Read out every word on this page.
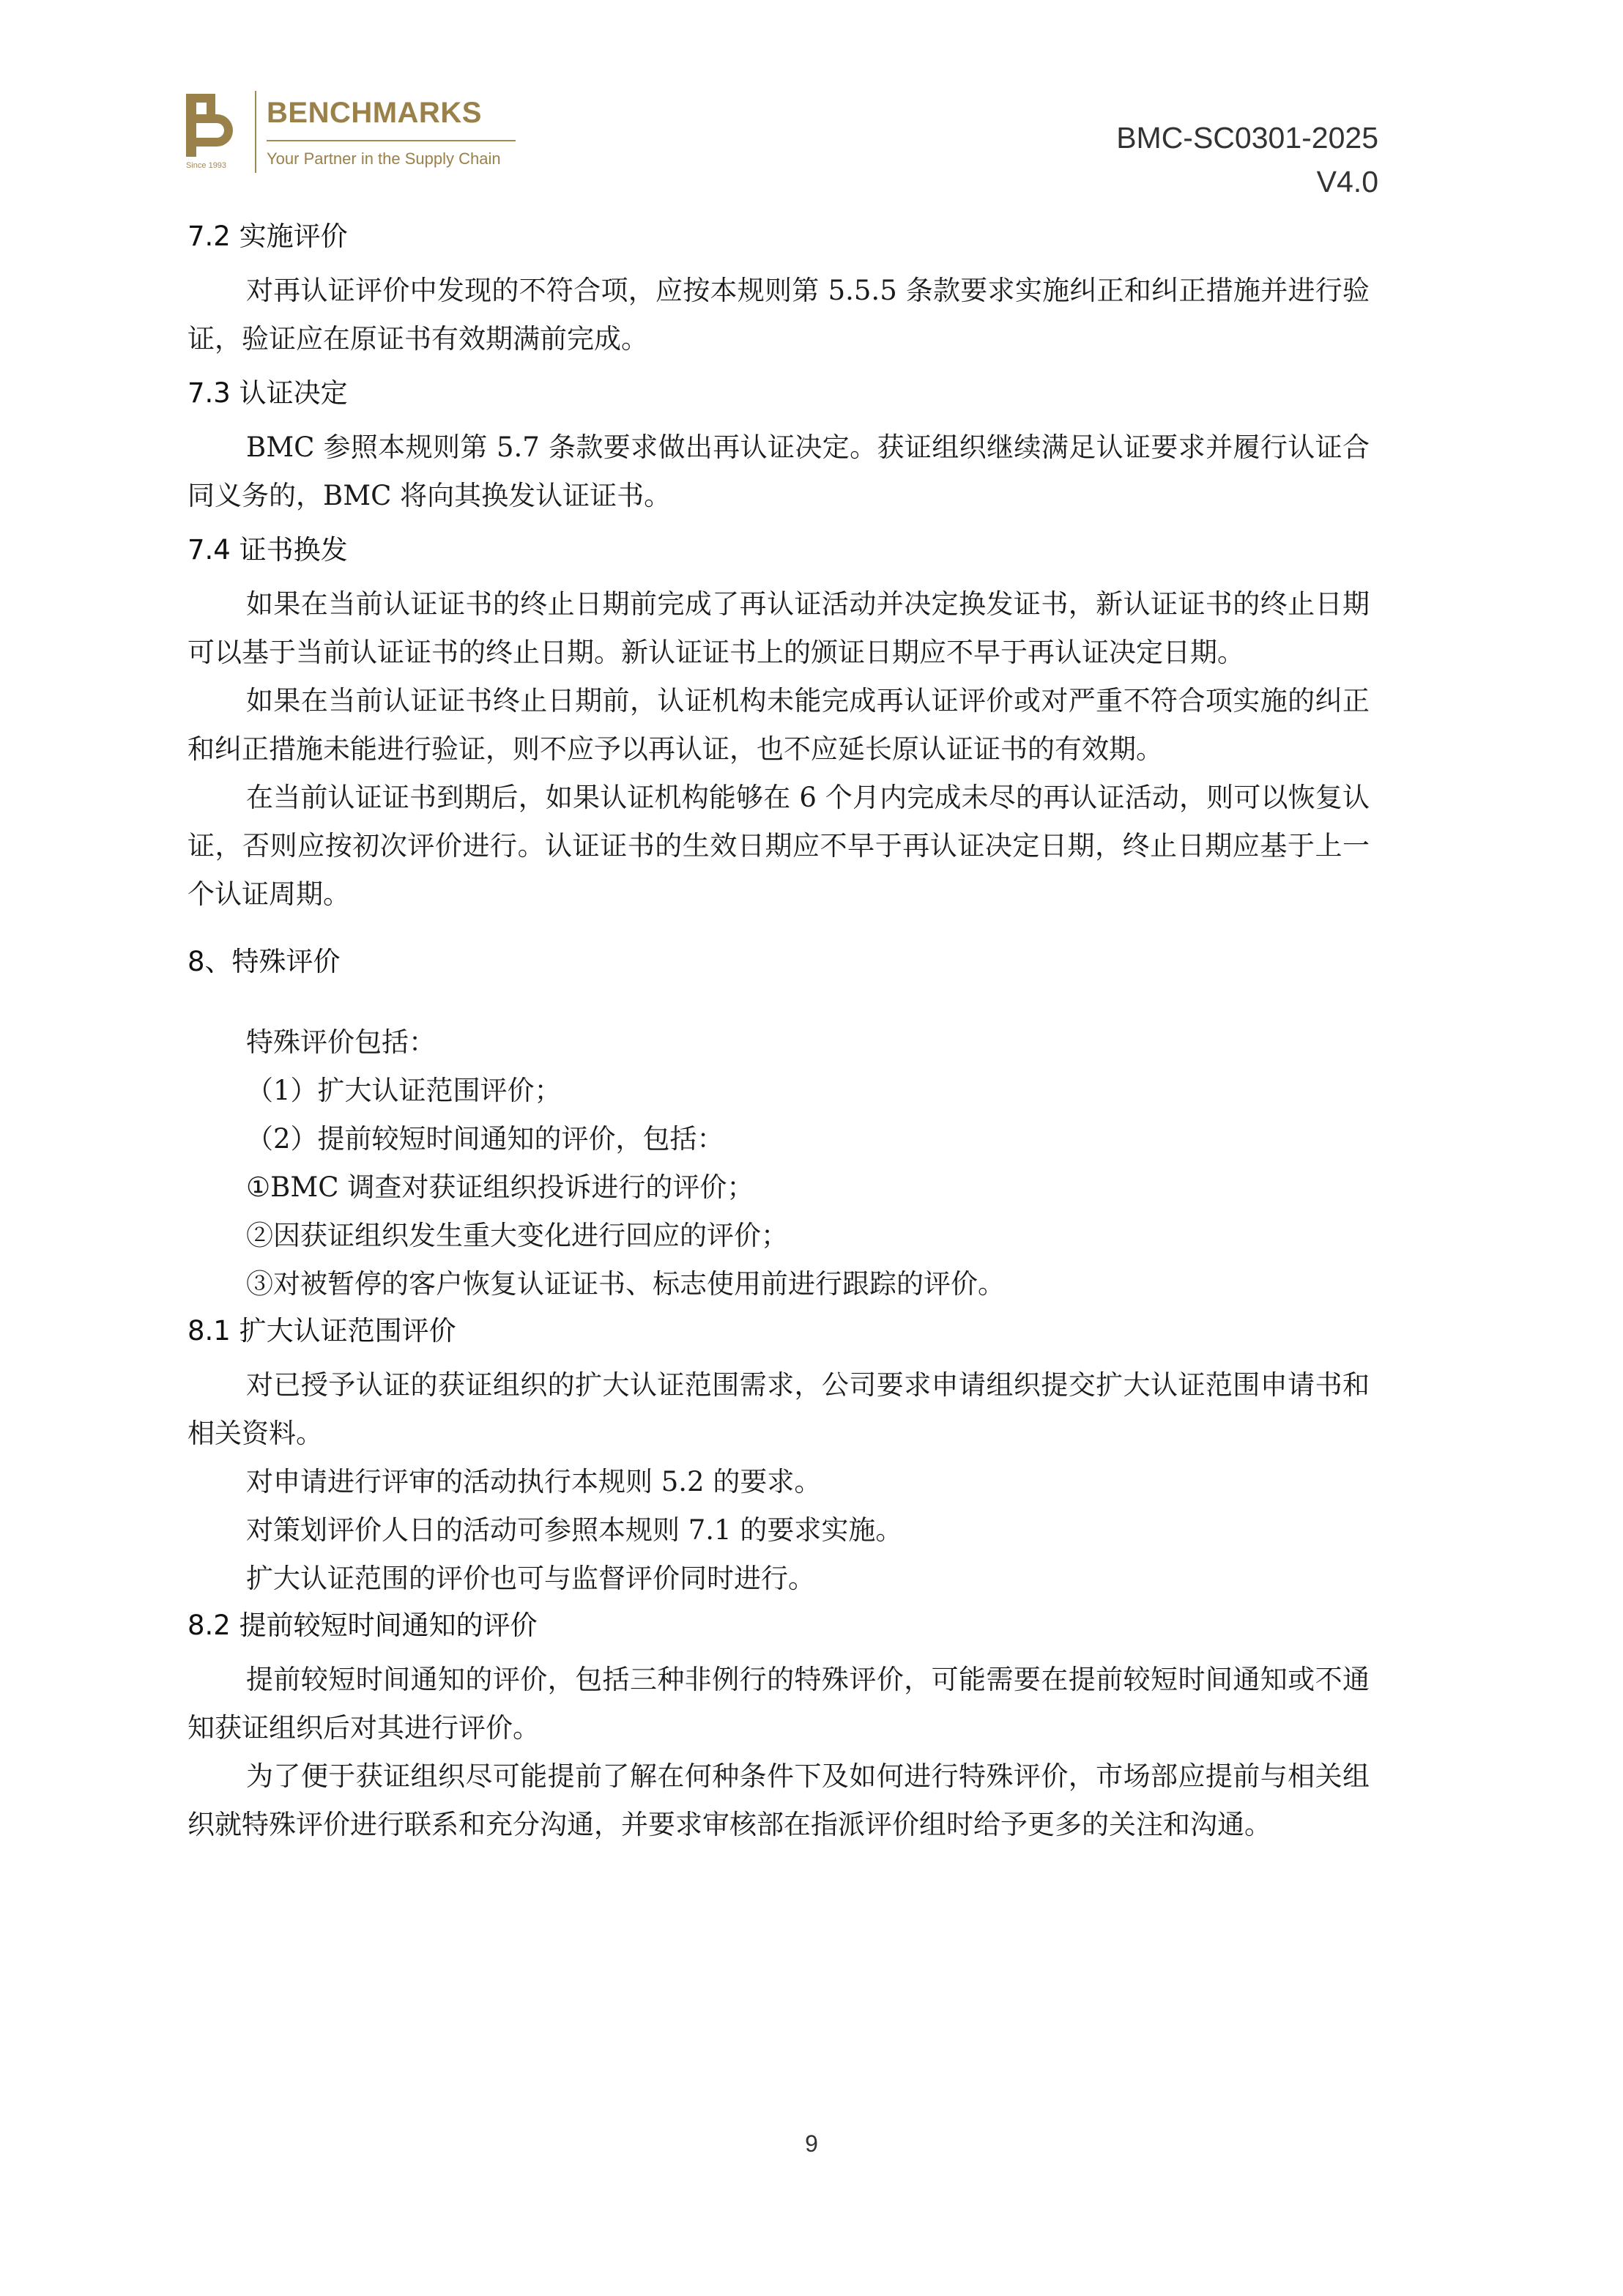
Since 1993
BENCHMARKS
Your Partner in the Supply Chain
BMC-SC0301-2025
V4.0
7.2 实施评价

对再认证评价中发现的不符合项，应按本规则第 5.5.5 条款要求实施纠正和纠正措施并进行验证，验证应在原证书有效期满前完成。

7.3 认证决定

BMC 参照本规则第 5.7 条款要求做出再认证决定。获证组织继续满足认证要求并履行认证合同义务的，BMC 将向其换发认证证书。

7.4 证书换发

如果在当前认证证书的终止日期前完成了再认证活动并决定换发证书，新认证证书的终止日期可以基于当前认证证书的终止日期。新认证证书上的颁证日期应不早于再认证决定日期。

如果在当前认证证书终止日期前，认证机构未能完成再认证评价或对严重不符合项实施的纠正和纠正措施未能进行验证，则不应予以再认证，也不应延长原认证证书的有效期。

在当前认证证书到期后，如果认证机构能够在 6 个月内完成未尽的再认证活动，则可以恢复认证，否则应按初次评价进行。认证证书的生效日期应不早于再认证决定日期，终止日期应基于上一个认证周期。

8、特殊评价

特殊评价包括：

（1）扩大认证范围评价；

（2）提前较短时间通知的评价，包括：

①BMC 调查对获证组织投诉进行的评价；

②因获证组织发生重大变化进行回应的评价；

③对被暂停的客户恢复认证证书、标志使用前进行跟踪的评价。

8.1 扩大认证范围评价

对已授予认证的获证组织的扩大认证范围需求，公司要求申请组织提交扩大认证范围申请书和相关资料。

对申请进行评审的活动执行本规则 5.2 的要求。

对策划评价人日的活动可参照本规则 7.1 的要求实施。

扩大认证范围的评价也可与监督评价同时进行。

8.2 提前较短时间通知的评价

提前较短时间通知的评价，包括三种非例行的特殊评价，可能需要在提前较短时间通知或不通知获证组织后对其进行评价。

为了便于获证组织尽可能提前了解在何种条件下及如何进行特殊评价，市场部应提前与相关组织就特殊评价进行联系和充分沟通，并要求审核部在指派评价组时给予更多的关注和沟通。

9
